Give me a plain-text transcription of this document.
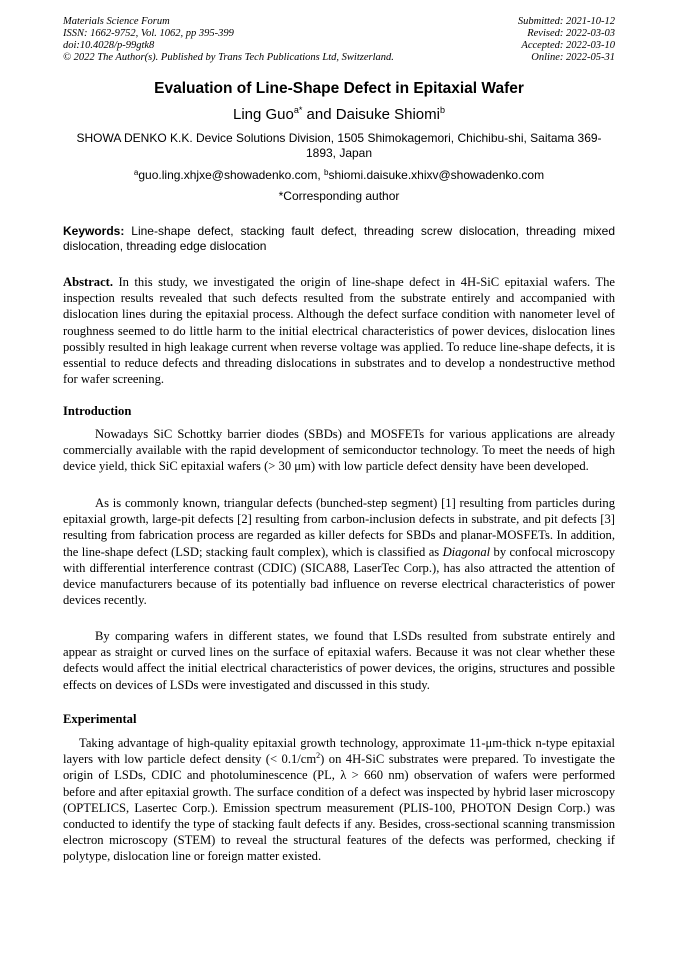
Materials Science Forum
ISSN: 1662-9752, Vol. 1062, pp 395-399
doi:10.4028/p-99gtk8
© 2022 The Author(s). Published by Trans Tech Publications Ltd, Switzerland.
Submitted: 2021-10-12
Revised: 2022-03-03
Accepted: 2022-03-10
Online: 2022-05-31
Evaluation of Line-Shape Defect in Epitaxial Wafer
Ling Guo$^{a*}$ and Daisuke Shiomi$^b$
SHOWA DENKO K.K. Device Solutions Division, 1505 Shimokagemori, Chichibu-shi, Saitama 369-1893, Japan
$^a$guo.ling.xhjxe@showadenko.com, $^b$shiomi.daisuke.xhixv@showadenko.com
*Corresponding author
Keywords: Line-shape defect, stacking fault defect, threading screw dislocation, threading mixed dislocation, threading edge dislocation
Abstract. In this study, we investigated the origin of line-shape defect in 4H-SiC epitaxial wafers. The inspection results revealed that such defects resulted from the substrate entirely and accompanied with dislocation lines during the epitaxial process. Although the defect surface condition with nanometer level of roughness seemed to do little harm to the initial electrical characteristics of power devices, dislocation lines possibly resulted in high leakage current when reverse voltage was applied. To reduce line-shape defects, it is essential to reduce defects and threading dislocations in substrates and to develop a nondestructive method for wafer screening.
Introduction
Nowadays SiC Schottky barrier diodes (SBDs) and MOSFETs for various applications are already commercially available with the rapid development of semiconductor technology. To meet the needs of high device yield, thick SiC epitaxial wafers (> 30 μm) with low particle defect density have been developed.
As is commonly known, triangular defects (bunched-step segment) [1] resulting from particles during epitaxial growth, large-pit defects [2] resulting from carbon-inclusion defects in substrate, and pit defects [3] resulting from fabrication process are regarded as killer defects for SBDs and planar-MOSFETs. In addition, the line-shape defect (LSD; stacking fault complex), which is classified as Diagonal by confocal microscopy with differential interference contrast (CDIC) (SICA88, LaserTec Corp.), has also attracted the attention of device manufacturers because of its potentially bad influence on reverse electrical characteristics of power devices recently.
By comparing wafers in different states, we found that LSDs resulted from substrate entirely and appear as straight or curved lines on the surface of epitaxial wafers. Because it was not clear whether these defects would affect the initial electrical characteristics of power devices, the origins, structures and possible effects on devices of LSDs were investigated and discussed in this study.
Experimental
Taking advantage of high-quality epitaxial growth technology, approximate 11-μm-thick n-type epitaxial layers with low particle defect density (< $0.1/cm^2$) on 4H-SiC substrates were prepared. To investigate the origin of LSDs, CDIC and photoluminescence (PL, λ > 660 nm) observation of wafers were performed before and after epitaxial growth. The surface condition of a defect was inspected by hybrid laser microscopy (OPTELICS, Lasertec Corp.). Emission spectrum measurement (PLIS-100, PHOTON Design Corp.) was conducted to identify the type of stacking fault defects if any. Besides, cross-sectional scanning transmission electron microscopy (STEM) to reveal the structural features of the defects was performed, checking if polytype, dislocation line or foreign matter existed.
